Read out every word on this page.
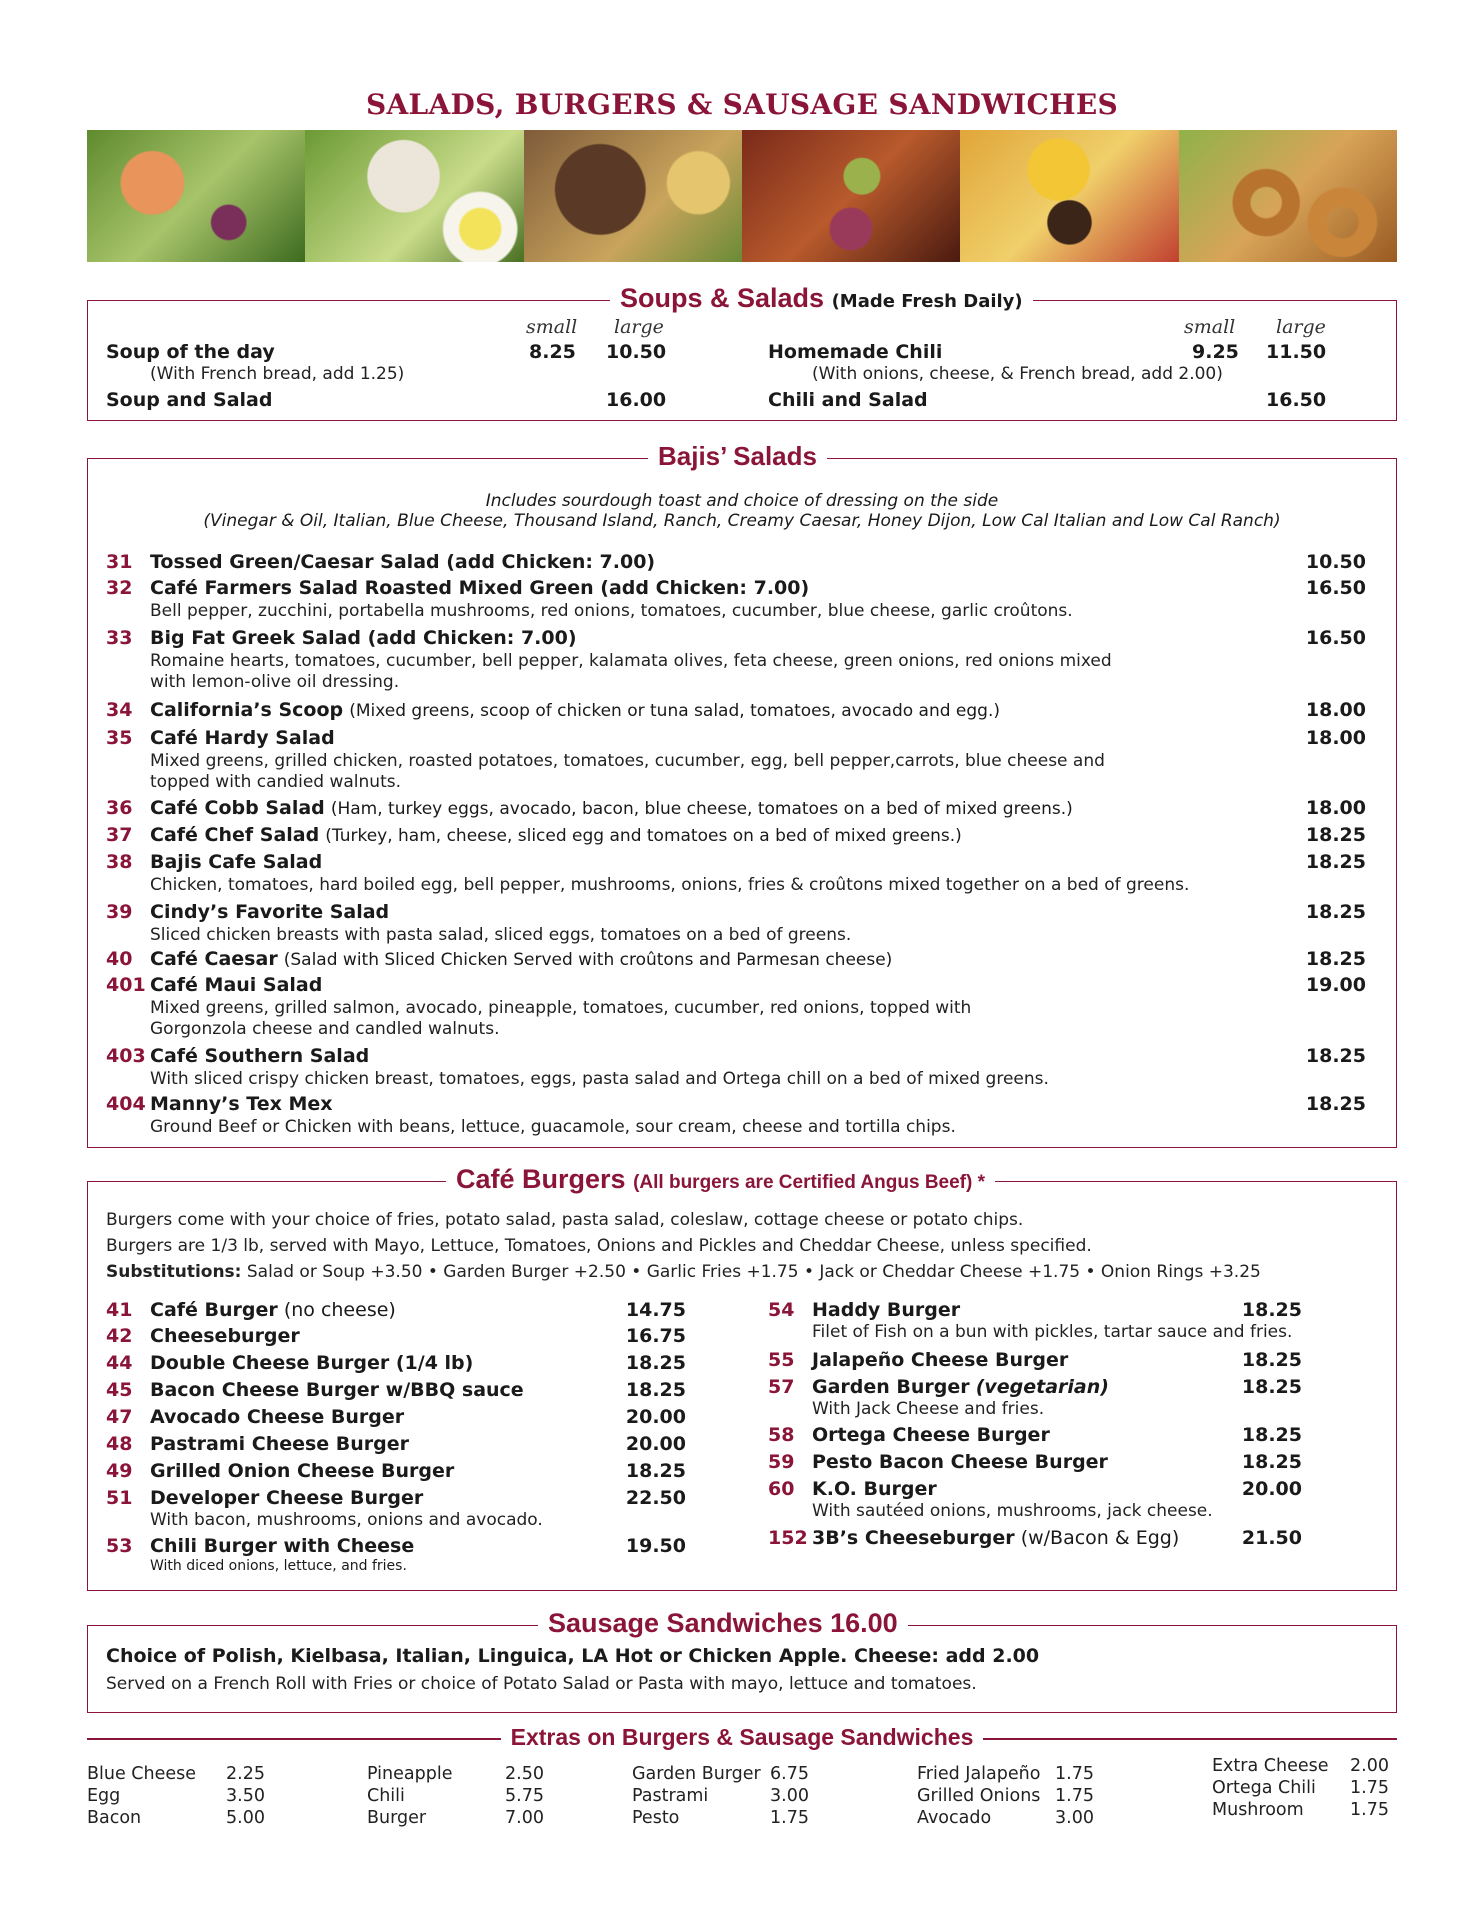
SALADS, BURGERS & SAUSAGE SANDWICHES
Soups & Salads (Made Fresh Daily)
small large	small large
Soup of the day	8.25 10.50
(With French bread, add 1.25)
Soup and Salad	16.00
Homemade Chili	9.25 11.50
(With onions, cheese, & French bread, add 2.00)
Chili and Salad	16.50
Bajis’ Salads
Includes sourdough toast and choice of dressing on the side
(Vinegar & Oil, Italian, Blue Cheese, Thousand Island, Ranch, Creamy Caesar, Honey Dijon, Low Cal Italian and Low Cal Ranch)
31 Tossed Green/Caesar Salad (add Chicken: 7.00)	10.50
32 Café Farmers Salad Roasted Mixed Green (add Chicken: 7.00)	16.50
Bell pepper, zucchini, portabella mushrooms, red onions, tomatoes, cucumber, blue cheese, garlic croûtons.
33 Big Fat Greek Salad (add Chicken: 7.00)	16.50
Romaine hearts, tomatoes, cucumber, bell pepper, kalamata olives, feta cheese, green onions, red onions mixed
with lemon-olive oil dressing.
34 California’s Scoop (Mixed greens, scoop of chicken or tuna salad, tomatoes, avocado and egg.)	18.00
35 Café Hardy Salad	18.00
Mixed greens, grilled chicken, roasted potatoes, tomatoes, cucumber, egg, bell pepper,carrots, blue cheese and
topped with candied walnuts.
36 Café Cobb Salad (Ham, turkey eggs, avocado, bacon, blue cheese, tomatoes on a bed of mixed greens.)	18.00
37 Café Chef Salad (Turkey, ham, cheese, sliced egg and tomatoes on a bed of mixed greens.)	18.25
38 Bajis Cafe Salad	18.25
Chicken, tomatoes, hard boiled egg, bell pepper, mushrooms, onions, fries & croûtons mixed together on a bed of greens.
39 Cindy’s Favorite Salad	18.25
Sliced chicken breasts with pasta salad, sliced eggs, tomatoes on a bed of greens.
40 Café Caesar (Salad with Sliced Chicken Served with croûtons and Parmesan cheese)	18.25
401 Café Maui Salad	19.00
Mixed greens, grilled salmon, avocado, pineapple, tomatoes, cucumber, red onions, topped with
Gorgonzola cheese and candled walnuts.
403 Café Southern Salad	18.25
With sliced crispy chicken breast, tomatoes, eggs, pasta salad and Ortega chill on a bed of mixed greens.
404 Manny’s Tex Mex	18.25
Ground Beef or Chicken with beans, lettuce, guacamole, sour cream, cheese and tortilla chips.
Café Burgers (All burgers are Certified Angus Beef) *
Burgers come with your choice of fries, potato salad, pasta salad, coleslaw, cottage cheese or potato chips.
Burgers are 1/3 lb, served with Mayo, Lettuce, Tomatoes, Onions and Pickles and Cheddar Cheese, unless specified.
Substitutions: Salad or Soup +3.50 • Garden Burger +2.50 • Garlic Fries +1.75 • Jack or Cheddar Cheese +1.75 • Onion Rings +3.25
41 Café Burger (no cheese)	14.75
42 Cheeseburger	16.75
44 Double Cheese Burger (1/4 lb)	18.25
45 Bacon Cheese Burger w/BBQ sauce	18.25
47 Avocado Cheese Burger	20.00
48 Pastrami Cheese Burger	20.00
49 Grilled Onion Cheese Burger	18.25
51 Developer Cheese Burger	22.50
With bacon, mushrooms, onions and avocado.
53 Chili Burger with Cheese	19.50
With diced onions, lettuce, and fries.
54 Haddy Burger	18.25
Filet of Fish on a bun with pickles, tartar sauce and fries.
55 Jalapeño Cheese Burger	18.25
57 Garden Burger (vegetarian)	18.25
With Jack Cheese and fries.
58 Ortega Cheese Burger	18.25
59 Pesto Bacon Cheese Burger	18.25
60 K.O. Burger	20.00
With sautéed onions, mushrooms, jack cheese.
152 3B’s Cheeseburger (w/Bacon & Egg)	21.50
Sausage Sandwiches 16.00
Choice of Polish, Kielbasa, Italian, Linguica, LA Hot or Chicken Apple. Cheese: add 2.00
Served on a French Roll with Fries or choice of Potato Salad or Pasta with mayo, lettuce and tomatoes.
Extras on Burgers & Sausage Sandwiches
Blue Cheese 2.25
Egg	3.50
Bacon	5.00
Pineapple	2.50
Chili	5.75
Burger	7.00
Garden Burger 6.75
Pastrami	3.00
Pesto	1.75
Fried Jalapeño 1.75
Grilled Onions 1.75
Avocado	3.00
Extra Cheese 2.00
Ortega Chili 1.75
Mushroom	1.75
